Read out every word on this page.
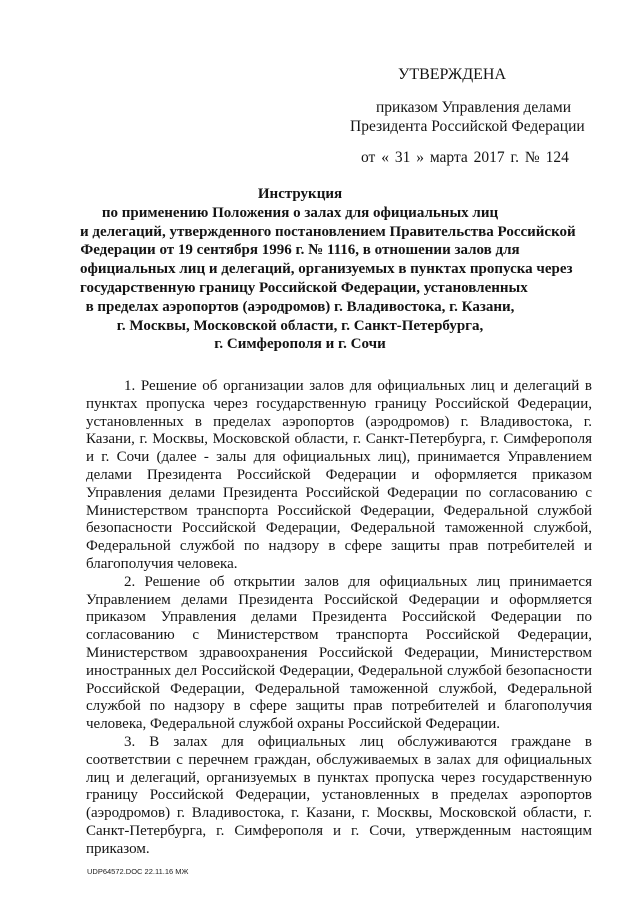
УТВЕРЖДЕНА
приказом Управления делами
Президента Российской Федерации
от « 31 » марта 2017 г. № 124
Инструкция
по применению Положения о залах для официальных лиц
и делегаций, утвержденного постановлением Правительства Российской
Федерации от 19 сентября 1996 г. № 1116, в отношении залов для
официальных лиц и делегаций, организуемых в пунктах пропуска через
государственную границу Российской Федерации, установленных
в пределах аэропортов (аэродромов) г. Владивостока, г. Казани,
г. Москвы, Московской области, г. Санкт-Петербурга,
г. Симферополя и г. Сочи

1. Решение об организации залов для официальных лиц и делегаций в пунктах пропуска через государственную границу Российской Федерации, установленных в пределах аэропортов (аэродромов) г. Владивостока, г. Казани, г. Москвы, Московской области, г. Санкт-Петербурга, г. Симферополя и г. Сочи (далее - залы для официальных лиц), принимается Управлением делами Президента Российской Федерации и оформляется приказом Управления делами Президента Российской Федерации по согласованию с Министерством транспорта Российской Федерации, Федеральной службой безопасности Российской Федерации, Федеральной таможенной службой, Федеральной службой по надзору в сфере защиты прав потребителей и благополучия человека.

2. Решение об открытии залов для официальных лиц принимается Управлением делами Президента Российской Федерации и оформляется приказом Управления делами Президента Российской Федерации по согласованию с Министерством транспорта Российской Федерации, Министерством здравоохранения Российской Федерации, Министерством иностранных дел Российской Федерации, Федеральной службой безопасности Российской Федерации, Федеральной таможенной службой, Федеральной службой по надзору в сфере защиты прав потребителей и благополучия человека, Федеральной службой охраны Российской Федерации.

3. В залах для официальных лиц обслуживаются граждане в соответствии с перечнем граждан, обслуживаемых в залах для официальных лиц и делегаций, организуемых в пунктах пропуска через государственную границу Российской Федерации, установленных в пределах аэропортов (аэродромов) г. Владивостока, г. Казани, г. Москвы, Московской области, г. Санкт-Петербурга, г. Симферополя и г. Сочи, утвержденным настоящим приказом.

UDP64572.DOC 22.11.16 МЖ
